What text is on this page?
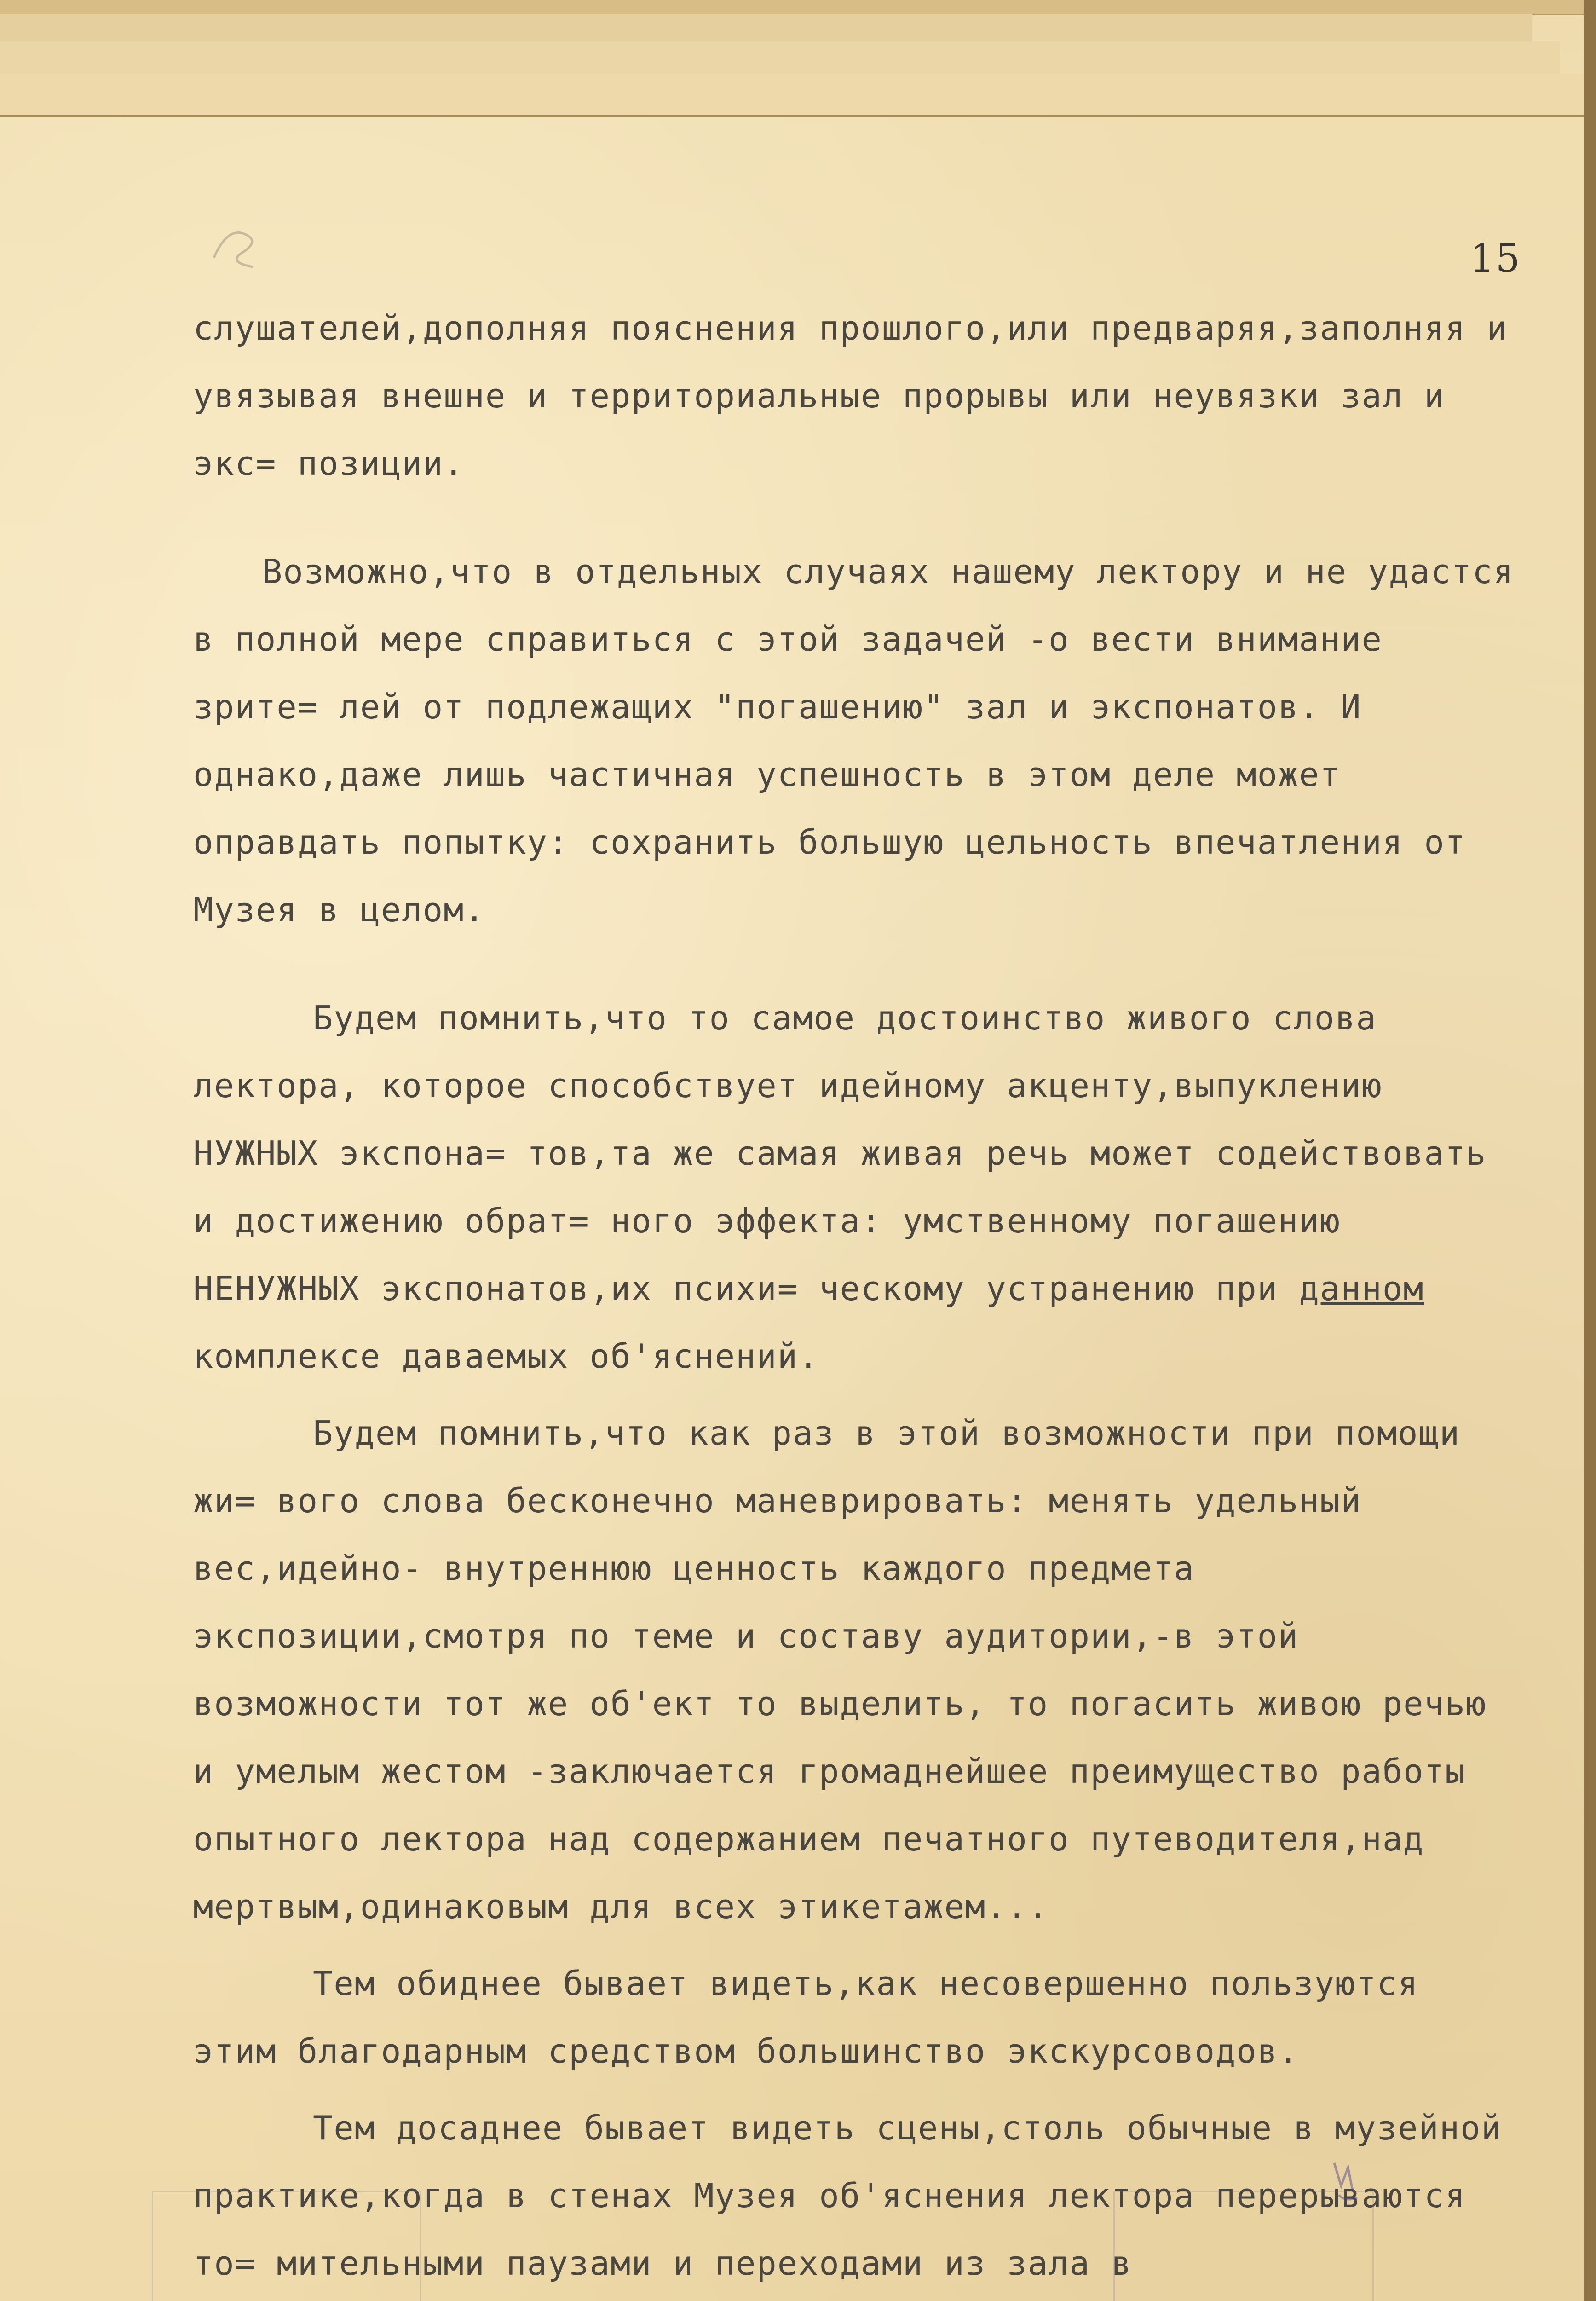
15

слушателей,дополняя пояснения прошлого,или предваряя,заполняя и увязывая внешне и территориальные прорывы или неувязки зал и экс= позиции.

Возможно,что в отдельных случаях нашему лектору и не удастся в полной мере справиться с этой задачей -о вести внимание зрите= лей от подлежащих "погашению" зал и экспонатов. И однако,даже лишь частичная успешность в этом деле может оправдать попытку: сохранить большую цельность впечатления от Музея в целом.

Будем помнить,что то самое достоинство живого слова лектора, которое способствует идейному акценту,выпуклению НУЖНЫХ экспона= тов,та же самая живая речь может содействовать и достижению обрат= ного эффекта: умственному погашению НЕНУЖНЫХ экспонатов,их психи= ческому устранению при данном комплексе даваемых об'яснений.

Будем помнить,что как раз в этой возможности при помощи жи= вого слова бесконечно маневрировать: менять удельный вес,идейно- внутреннюю ценность каждого предмета экспозиции,смотря по теме и составу аудитории,-в этой возможности тот же об'ект то выделить, то погасить живою речью и умелым жестом -заключается громаднейшее преимущество работы опытного лектора над содержанием печатного путеводителя,над мертвым,одинаковым для всех этикетажем...

Тем обиднее бывает видеть,как несовершенно пользуются этим благодарным средством большинство экскурсоводов.

Тем досаднее бывает видеть сцены,столь обычные в музейной практике,когда в стенах Музея об'яснения лектора перерываются то= мительными паузами и переходами из зала в
